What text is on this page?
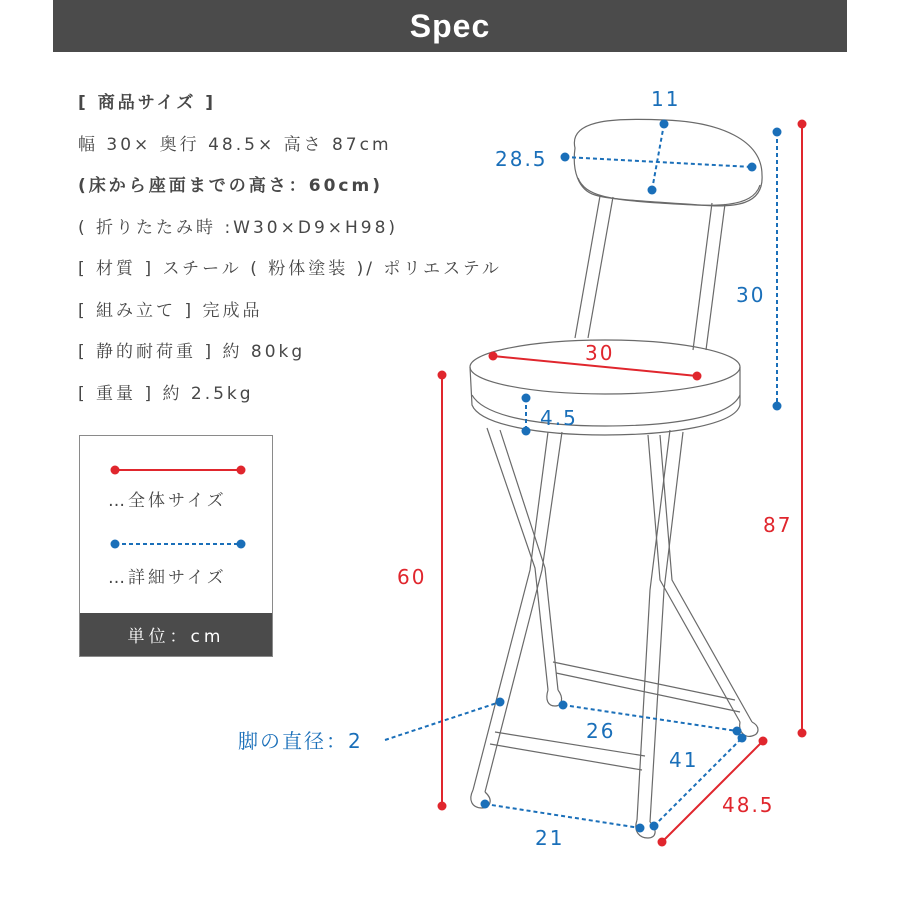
Spec
[ 商品サイズ ]
幅 30× 奥行 48.5× 高さ 87cm
(床から座面までの高さ：60cm)
( 折りたたみ時 :W30×D9×H98)
[ 材質 ] スチール ( 粉体塗装 )/ ポリエステル
[ 組み立て ] 完成品
[ 静的耐荷重 ] 約 80kg
[ 重量 ] 約 2.5kg
…全体サイズ
…詳細サイズ
単位：cm
11
28.5
30
87
30
4.5
60
脚の直径：2	26
21
41
48.5
